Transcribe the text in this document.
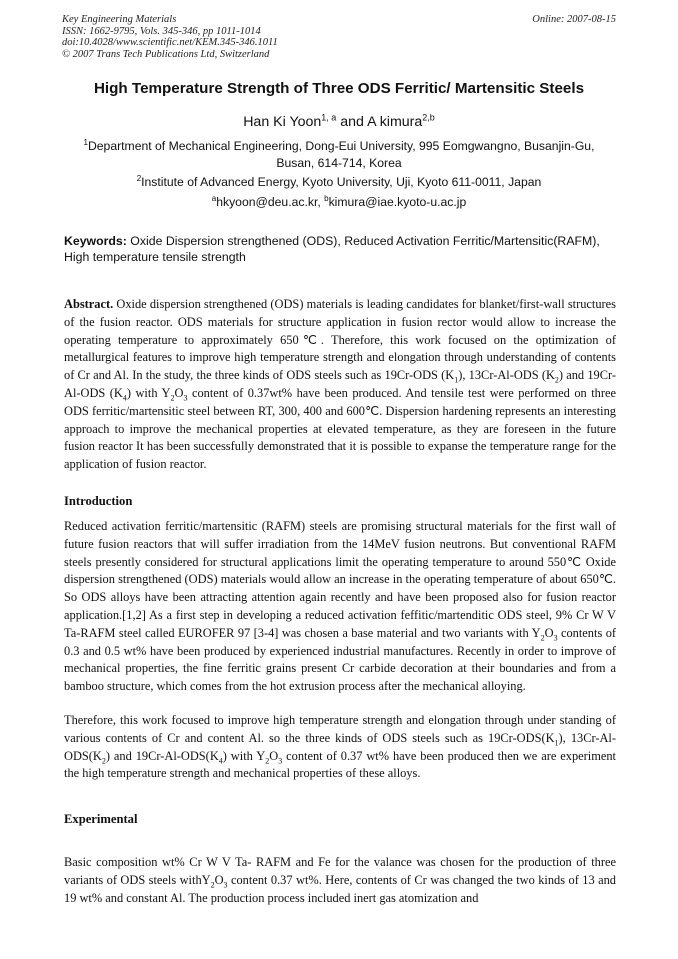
Key Engineering Materials
ISSN: 1662-9795, Vols. 345-346, pp 1011-1014
doi:10.4028/www.scientific.net/KEM.345-346.1011
© 2007 Trans Tech Publications Ltd, Switzerland
Online: 2007-08-15
High Temperature Strength of Three ODS Ferritic/ Martensitic Steels
Han Ki Yoon$^{1, a}$ and A kimura$^{2,b}$
$^1$Department of Mechanical Engineering, Dong-Eui University, 995 Eomgwangno, Busanjin-Gu, Busan, 614-714, Korea
$^2$Institute of Advanced Energy, Kyoto University, Uji, Kyoto 611-0011, Japan
$^a$hkyoon@deu.ac.kr, $^b$kimura@iae.kyoto-u.ac.jp
Keywords: Oxide Dispersion strengthened (ODS), Reduced Activation Ferritic/Martensitic(RAFM), High temperature tensile strength
Abstract. Oxide dispersion strengthened (ODS) materials is leading candidates for blanket/first-wall structures of the fusion reactor. ODS materials for structure application in fusion rector would allow to increase the operating temperature to approximately 650℃. Therefore, this work focused on the optimization of metallurgical features to improve high temperature strength and elongation through understanding of contents of Cr and Al. In the study, the three kinds of ODS steels such as 19Cr-ODS $(K_1)$, 13Cr-Al-ODS $(K_2)$ and 19Cr-Al-ODS $(K_4)$ with $Y_2O_3$ content of 0.37wt% have been produced. And tensile test were performed on three ODS ferritic/martensitic steel between RT, 300, 400 and 600℃. Dispersion hardening represents an interesting approach to improve the mechanical properties at elevated temperature, as they are foreseen in the future fusion reactor It has been successfully demonstrated that it is possible to expanse the temperature range for the application of fusion reactor.
Introduction
Reduced activation ferritic/martensitic (RAFM) steels are promising structural materials for the first wall of future fusion reactors that will suffer irradiation from the 14MeV fusion neutrons. But conventional RAFM steels presently considered for structural applications limit the operating temperature to around 550℃ Oxide dispersion strengthened (ODS) materials would allow an increase in the operating temperature of about 650℃. So ODS alloys have been attracting attention again recently and have been proposed also for fusion reactor application.[1,2] As a first step in developing a reduced activation feffitic/martenditic ODS steel, 9% Cr W V Ta-RAFM steel called EUROFER 97 [3-4] was chosen a base material and two variants with $Y_2O_3$ contents of 0.3 and 0.5 wt% have been produced by experienced industrial manufactures. Recently in order to improve of mechanical properties, the fine ferritic grains present Cr carbide decoration at their boundaries and from a bamboo structure, which comes from the hot extrusion process after the mechanical alloying.
Therefore, this work focused to improve high temperature strength and elongation through under standing of various contents of Cr and content Al. so the three kinds of ODS steels such as $19Cr-ODS(K_1)$, $13Cr-Al-ODS(K_2)$ and $19Cr-Al-ODS(K_4)$ with $Y_2O_3$ content of 0.37 wt% have been produced then we are experiment the high temperature strength and mechanical properties of these alloys.
Experimental
Basic composition wt% Cr W V Ta- RAFM and Fe for the valance was chosen for the production of three variants of ODS steels $withY_2O_3$ content 0.37 wt%. Here, contents of Cr was changed the two kinds of 13 and 19 wt% and constant Al. The production process included inert gas atomization and
